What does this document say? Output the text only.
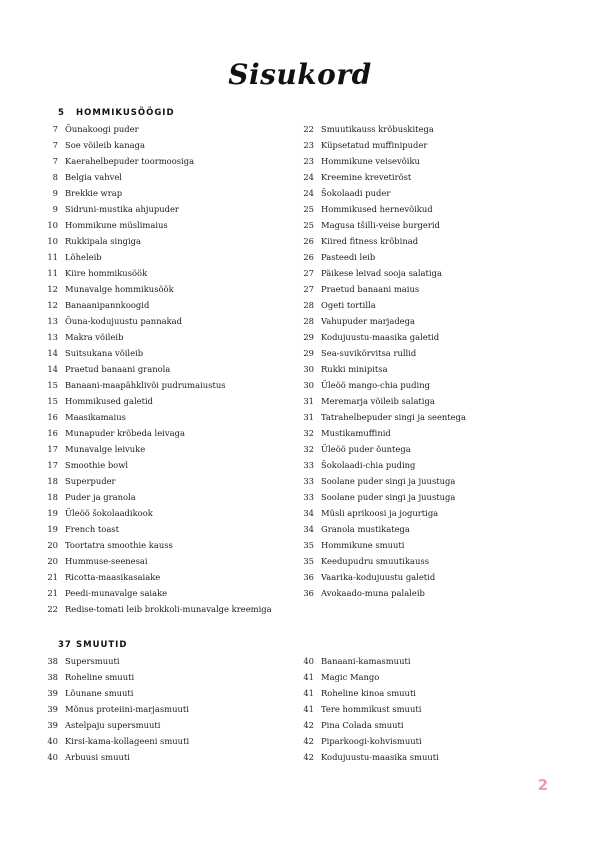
Sisukord
5 HOMMIKUSÖÖGID
7 Õunakoogi puder
7 Soe võileib kanaga
7 Kaerahelbepuder toormoosiga
8 Belgia vahvel
9 Brekkie wrap
9 Sidruni-mustika ahjupuder
10 Hommikune müslimaius
10 Rukkipala singiga
11 Lõheleib
11 Kiire hommikusöök
12 Munavalge hommikusöök
12 Banaanipannkoogid
13 Õuna-kodujuustu pannakad
13 Makra võileib
14 Suitsukana võileib
14 Praetud banaani granola
15 Banaani-maapähklivõi pudrumaiustus
15 Hommikused galetid
16 Maasikamaius
16 Munapuder krõbeda leivaga
17 Munavalge leivuke
17 Smoothie bowl
18 Superpuder
18 Puder ja granola
19 Üleöö šokolaadikook
19 French toast
20 Toortatra smoothie kauss
20 Hummuse-seenesai
21 Ricotta-maasikasaiake
21 Peedi-munavalge saiake
22 Redise-tomati leib brokkoli-munavalge kreemiga
22 Smuutikauss krõbuskitega
23 Küpsetatud muffinipuder
23 Hommikune veisevõiku
24 Kreemine krevetiröst
24 Šokolaadi puder
25 Hommikused hernevõikud
25 Magusa tšilli-veise burgerid
26 Kiired fitness krõbinad
26 Pasteedi leib
27 Päikese leivad sooja salatiga
27 Praetud banaani maius
28 Ogeti tortilla
28 Vahupuder marjadega
29 Kodujuustu-maasika galetid
29 Sea-suvikõrvitsa rullid
30 Rukki minipitsa
30 Üleöö mango-chia puding
31 Meremarja võileib salatiga
31 Tatrahelbepuder singi ja seentega
32 Mustikamuffinid
32 Üleöö puder õuntega
33 Šokolaadi-chia puding
33 Soolane puder singi ja juustuga
33 Soolane puder singi ja juustuga
34 Müsli aprikoosi ja jogurtiga
34 Granola mustikatega
35 Hommikune smuuti
35 Keedupudru smuutikauss
36 Vaarika-kodujuustu galetid
36 Avokaado-muna palaleib
37 SMUUTID
38 Supersmuuti
38 Roheline smuuti
39 Lõunane smuuti
39 Mõnus proteiini-marjasmuuti
39 Astelpaju supersmuuti
40 Kirsi-kama-kollageeni smuuti
40 Arbuusi smuuti
40 Banaani-kamasmuuti
41 Magic Mango
41 Roheline kinoa smuuti
41 Tere hommikust smuuti
42 Pina Colada smuuti
42 Piparkoogi-kohvismuuti
42 Kodujuustu-maasika smuuti
2
